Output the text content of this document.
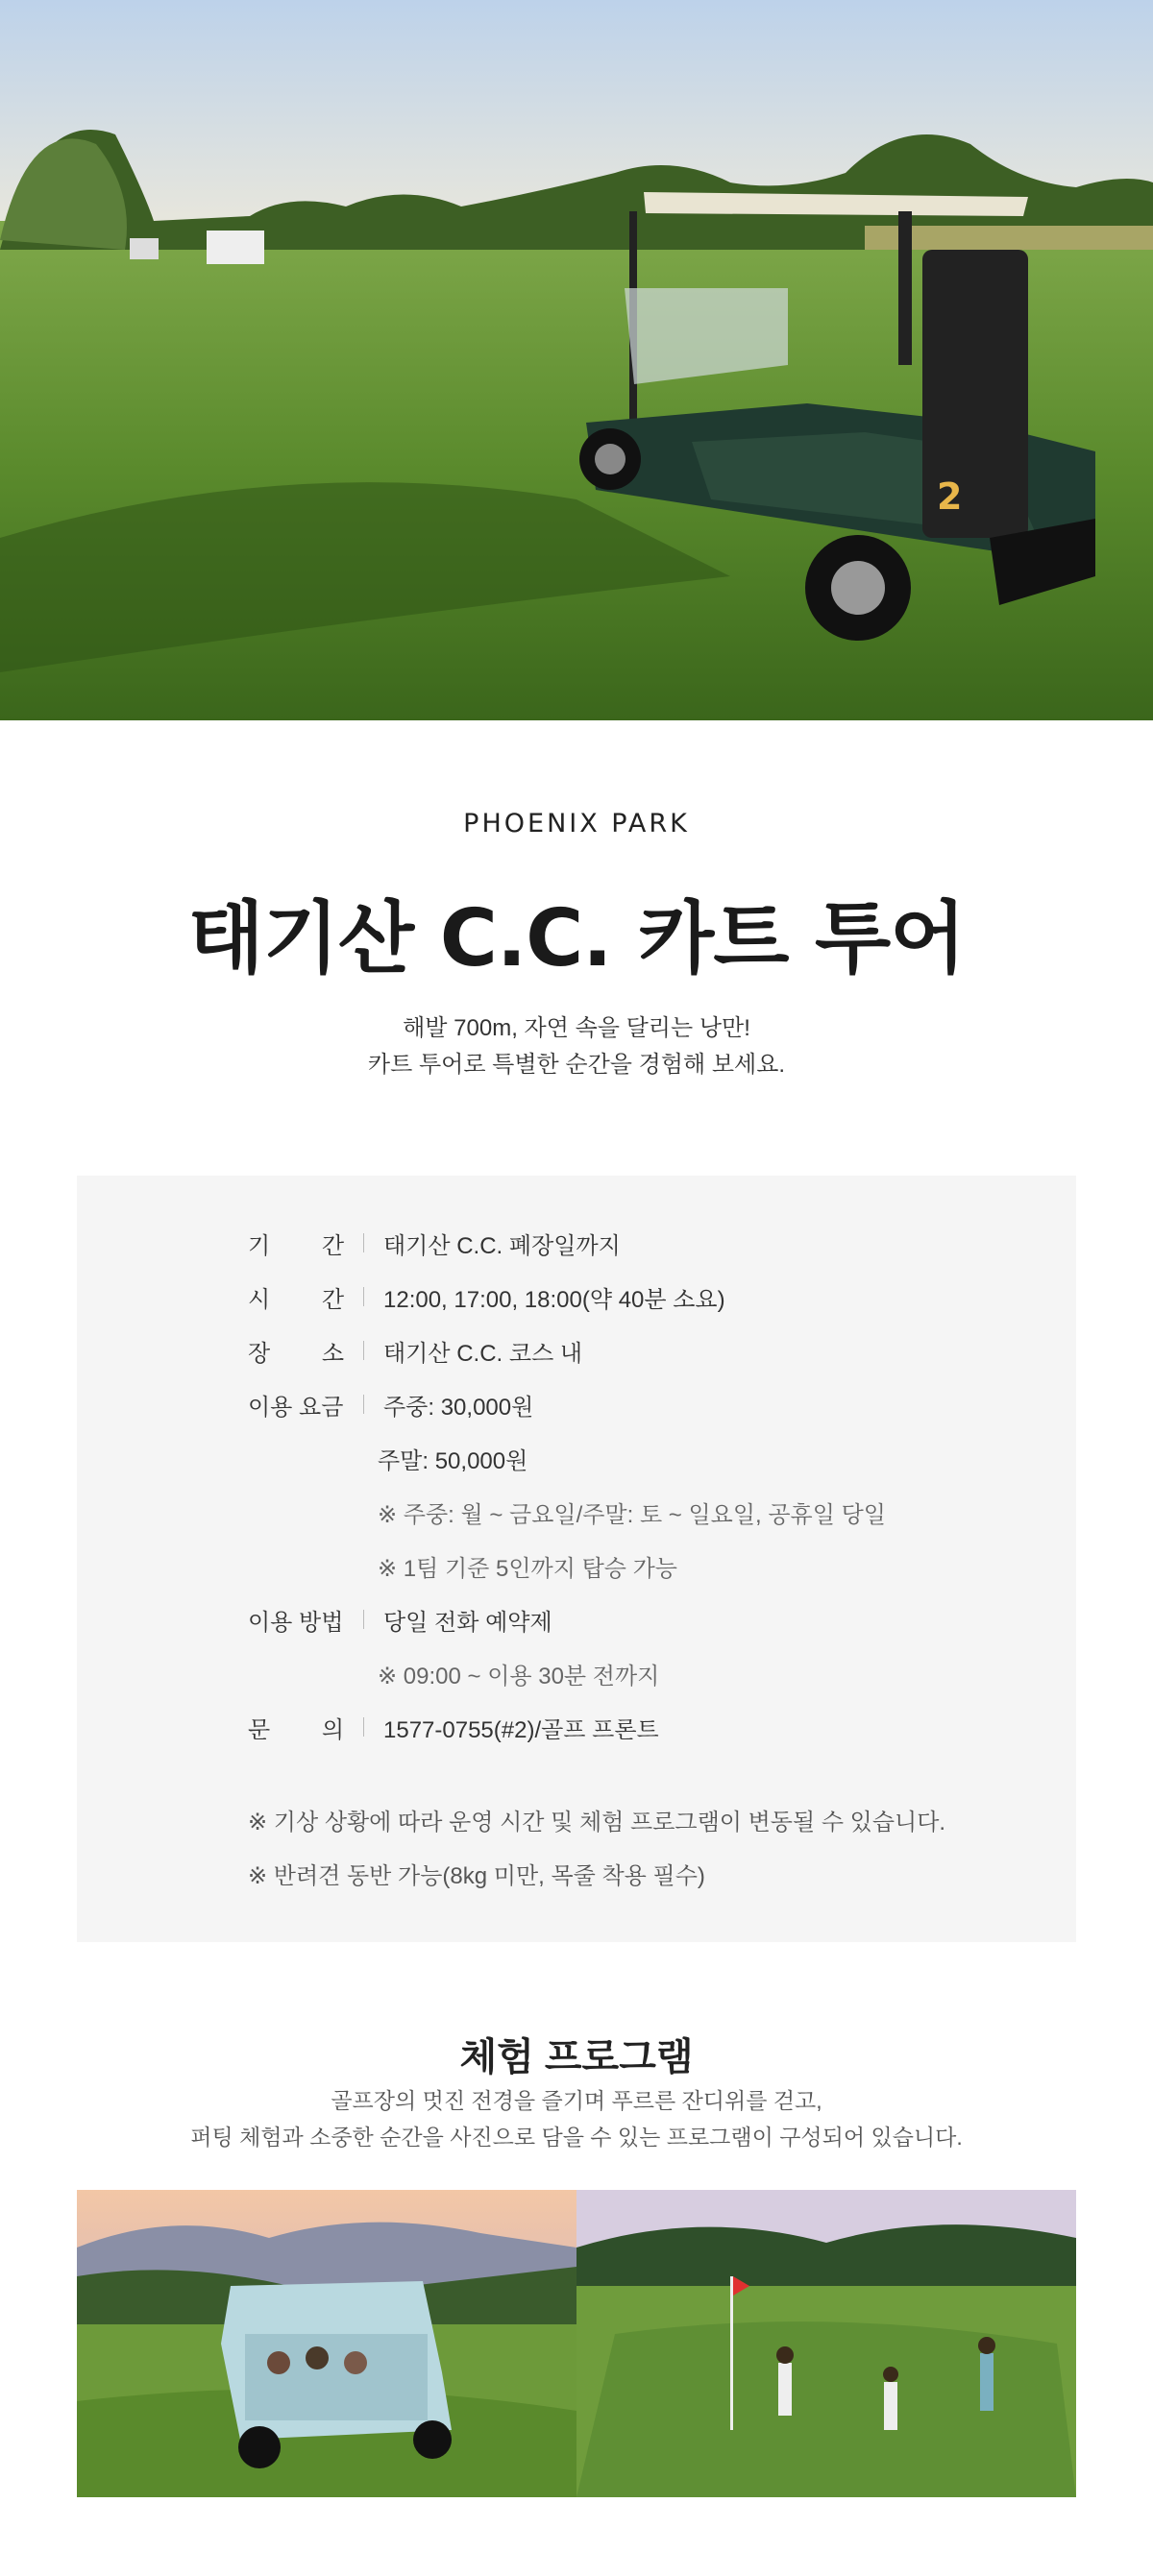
2
PHOENIX PARK
태기산 C.C. 카트 투어
해발 700m, 자연 속을 달리는 낭만!
카트 투어로 특별한 순간을 경험해 보세요.
기 간 태기산 C.C. 폐장일까지
시 간 12:00, 17:00, 18:00(약 40분 소요)
장 소 태기산 C.C. 코스 내
이용 요금 주중: 30,000원
주말: 50,000원
※ 주중: 월 ~ 금요일/주말: 토 ~ 일요일, 공휴일 당일
※ 1팀 기준 5인까지 탑승 가능
이용 방법 당일 전화 예약제
※ 09:00 ~ 이용 30분 전까지
문 의 1577-0755(#2)/골프 프론트
※ 기상 상황에 따라 운영 시간 및 체험 프로그램이 변동될 수 있습니다.
※ 반려견 동반 가능(8kg 미만, 목줄 착용 필수)
체험 프로그램
골프장의 멋진 전경을 즐기며 푸르른 잔디위를 걷고,
퍼팅 체험과 소중한 순간을 사진으로 담을 수 있는 프로그램이 구성되어 있습니다.
